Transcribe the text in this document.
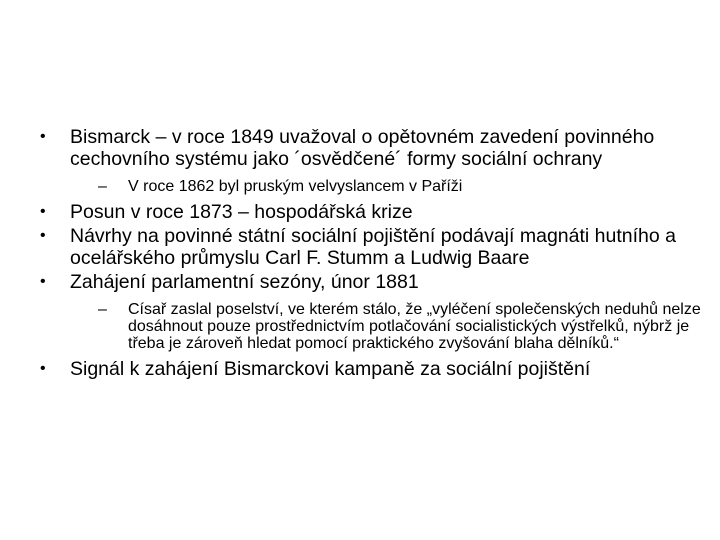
•	Bismarck – v roce 1849 uvažoval o opětovném zavedení povinného cechovního systému jako ´osvědčené´ formy sociální ochrany
– V roce 1862 byl pruským velvyslancem v Paříži
•	Posun v roce 1873 – hospodářská krize
•	Návrhy na povinné státní sociální pojištění podávají magnáti hutního a ocelářského průmyslu Carl F. Stumm a Ludwig Baare
•	Zahájení parlamentní sezóny, únor 1881
– Císař zaslal poselství, ve kterém stálo, že „vyléčení společenských neduhů nelze dosáhnout pouze prostřednictvím potlačování socialistických výstřelků, nýbrž je třeba je zároveň hledat pomocí praktického zvyšování blaha dělníků.“
•	Signál k zahájení Bismarckovi kampaně za sociální pojištění
